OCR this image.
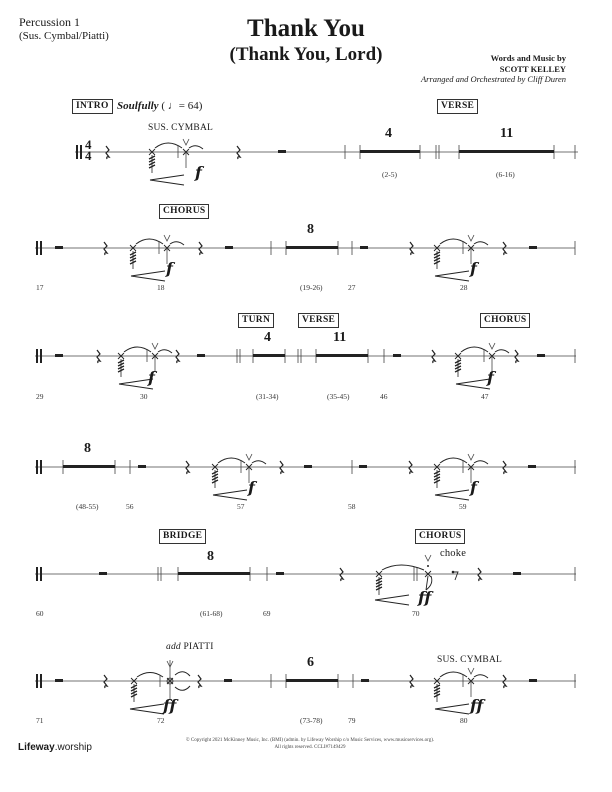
Percussion 1
(Sus. Cymbal/Piatti)	Thank You
(Thank You, Lord)	Words and Music by
SCOTT KELLEY
Arranged and Orchestrated by Cliff Duren
4
4
INTRO Soulfully ( ♩= 64)	VERSE
SUS. CYMBAL	4	11
(2-5)	(6-16)
f
CHORUS
8
(19-26)
f	f
17	18	27	28
TURN	VERSE	CHORUS
4	11
(31-34)	(35-45)
f	f
29	30	46	47
8
(48-55)
f	f
56	57	58	59
BRIDGE	CHORUS
choke
8
(61-68)
ff
60	69	70
add PIATTI
SUS. CYMBAL
6
(73-78)
ff	ff
71	72	79	80
Lifeway.worship
© Copyright 2021 McKinney Music, Inc. (BMI) (admin. by Lifeway Worship c/o Music Services, www.musicservices.org).
All rights reserved. CCLI#7149429
